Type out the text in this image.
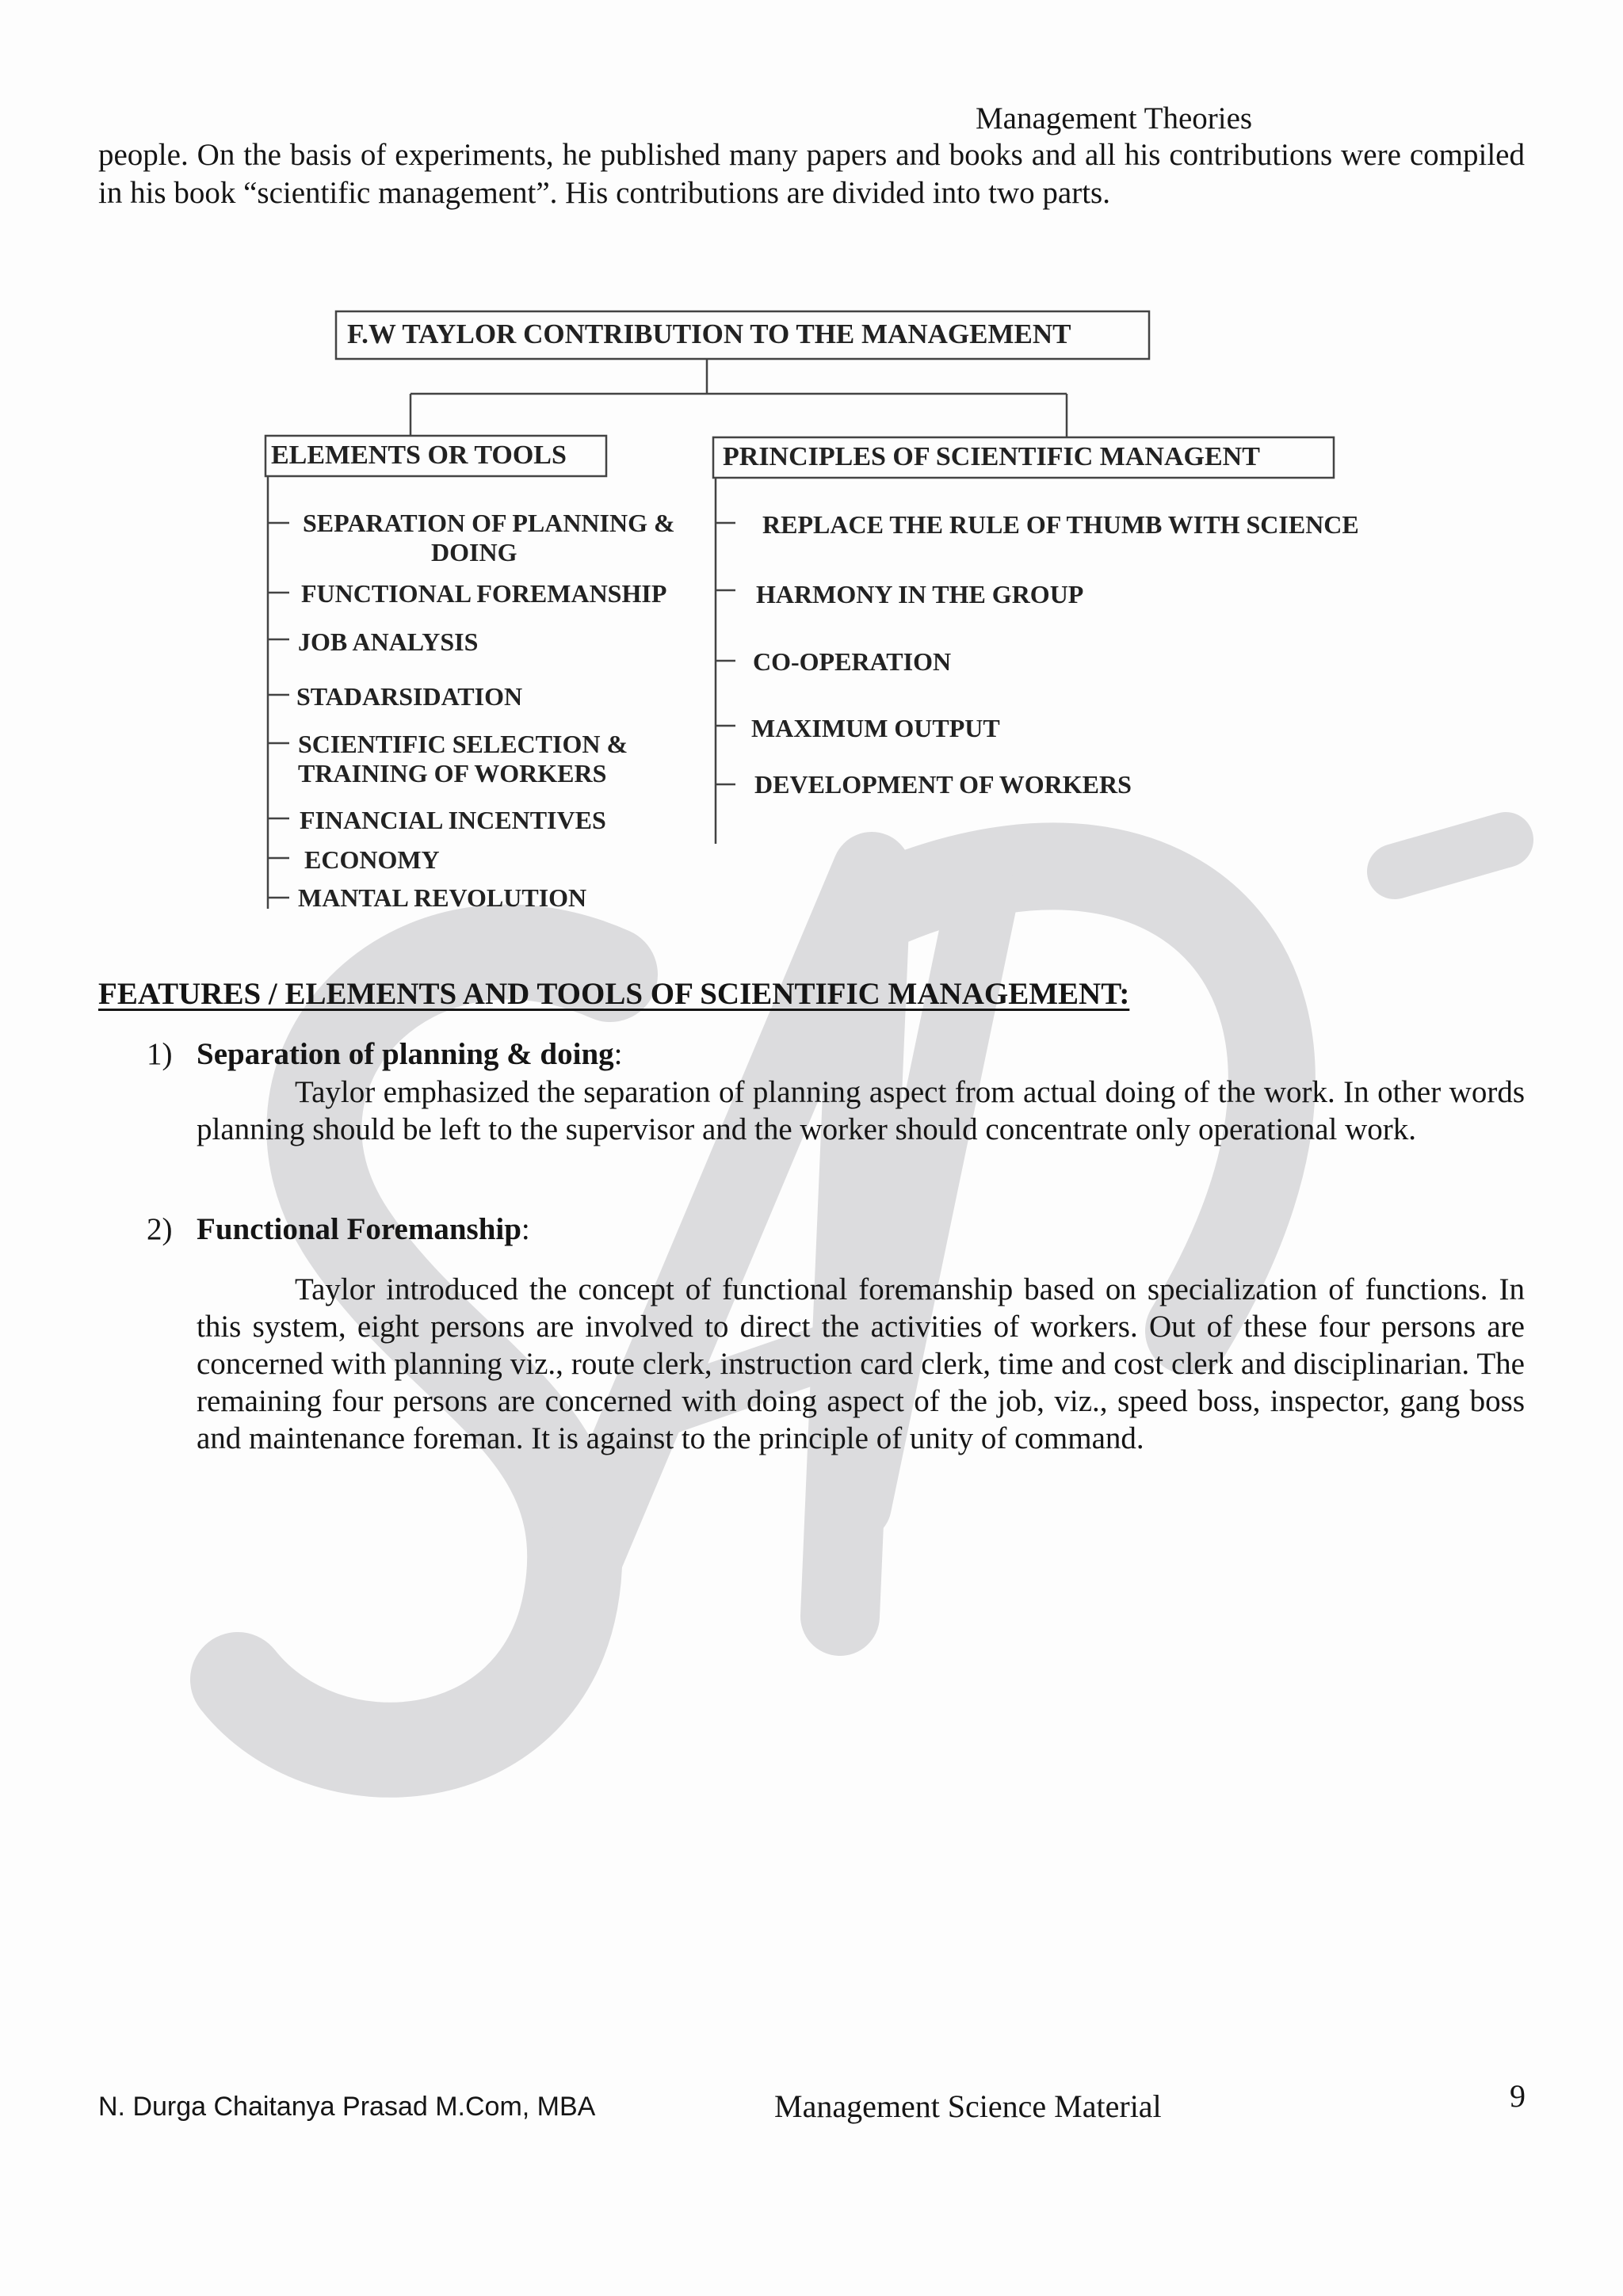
Management Theories
people. On the basis of experiments, he published many papers and books and all his contributions were compiled in his book “scientific management”. His contributions are divided into two parts.
F.W TAYLOR CONTRIBUTION TO THE MANAGEMENT
ELEMENTS OR TOOLS	PRINCIPLES OF SCIENTIFIC MANAGENT
SEPARATION OF PLANNING &
DOING
FUNCTIONAL FOREMANSHIP
JOB ANALYSIS
STADARSIDATION
SCIENTIFIC SELECTION &
TRAINING OF WORKERS
FINANCIAL INCENTIVES
ECONOMY
MANTAL REVOLUTION
REPLACE THE RULE OF THUMB WITH SCIENCE
HARMONY IN THE GROUP
CO-OPERATION
MAXIMUM OUTPUT
DEVELOPMENT OF WORKERS
FEATURES / ELEMENTS AND TOOLS OF SCIENTIFIC MANAGEMENT:
1) Separation of planning & doing:
Taylor emphasized the separation of planning aspect from actual doing of the work. In other words planning should be left to the supervisor and the worker should concentrate only operational work.
2) Functional Foremanship:
Taylor introduced the concept of functional foremanship based on specialization of functions. In this system, eight persons are involved to direct the activities of workers. Out of these four persons are concerned with planning viz., route clerk, instruction card clerk, time and cost clerk and disciplinarian. The remaining four persons are concerned with doing aspect of the job, viz., speed boss, inspector, gang boss and maintenance foreman. It is against to the principle of unity of command.
N. Durga Chaitanya Prasad M.Com, MBA	Management Science Material	9
